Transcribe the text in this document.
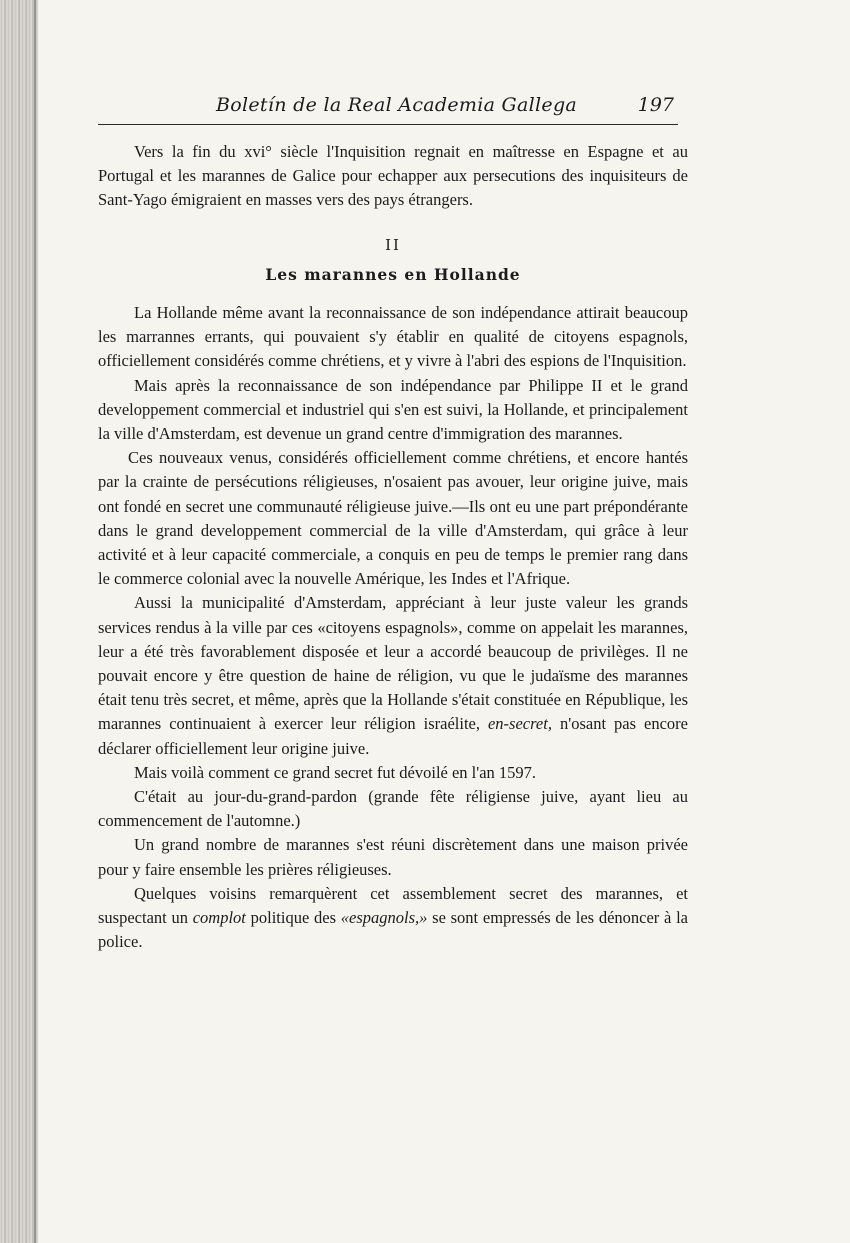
Boletín de la Real Academia Gallega	197

Vers la fin du xvi° siècle l'Inquisition regnait en maîtresse en Espagne et au Portugal et les marannes de Galice pour echapper aux persecutions des inquisiteurs de Sant-Yago émigraient en masses vers des pays étrangers.

II
Les marannes en Hollande

La Hollande même avant la reconnaissance de son indépendance attirait beaucoup les marrannes errants, qui pouvaient s'y établir en qualité de citoyens espagnols, officiellement considérés comme chrétiens, et y vivre à l'abri des espions de l'Inquisition.

Mais après la reconnaissance de son indépendance par Philippe II et le grand developpement commercial et industriel qui s'en est suivi, la Hollande, et principalement la ville d'Amsterdam, est devenue un grand centre d'immigration des marannes.

Ces nouveaux venus, considérés officiellement comme chrétiens, et encore hantés par la crainte de persécutions réligieuses, n'osaient pas avouer, leur origine juive, mais ont fondé en secret une communauté réligieuse juive.—Ils ont eu une part prépondérante dans le grand developpement commercial de la ville d'Amsterdam, qui grâce à leur activité et à leur capacité commerciale, a conquis en peu de temps le premier rang dans le commerce colonial avec la nouvelle Amérique, les Indes et l'Afrique.

Aussi la municipalité d'Amsterdam, appréciant à leur juste valeur les grands services rendus à la ville par ces «citoyens espagnols», comme on appelait les marannes, leur a été très favorablement disposée et leur a accordé beaucoup de privilèges. Il ne pouvait encore y être question de haine de réligion, vu que le judaïsme des marannes était tenu très secret, et même, après que la Hollande s'était constituée en République, les marannes continuaient à exercer leur réligion israélite, en-secret, n'osant pas encore déclarer officiellement leur origine juive.

Mais voilà comment ce grand secret fut dévoilé en l'an 1597.

C'était au jour-du-grand-pardon (grande fête réligiense juive, ayant lieu au commencement de l'automne.)

Un grand nombre de marannes s'est réuni discrètement dans une maison privée pour y faire ensemble les prières réligieuses.

Quelques voisins remarquèrent cet assemblement secret des marannes, et suspectant un complot politique des «espagnols,» se sont empressés de les dénoncer à la police.
